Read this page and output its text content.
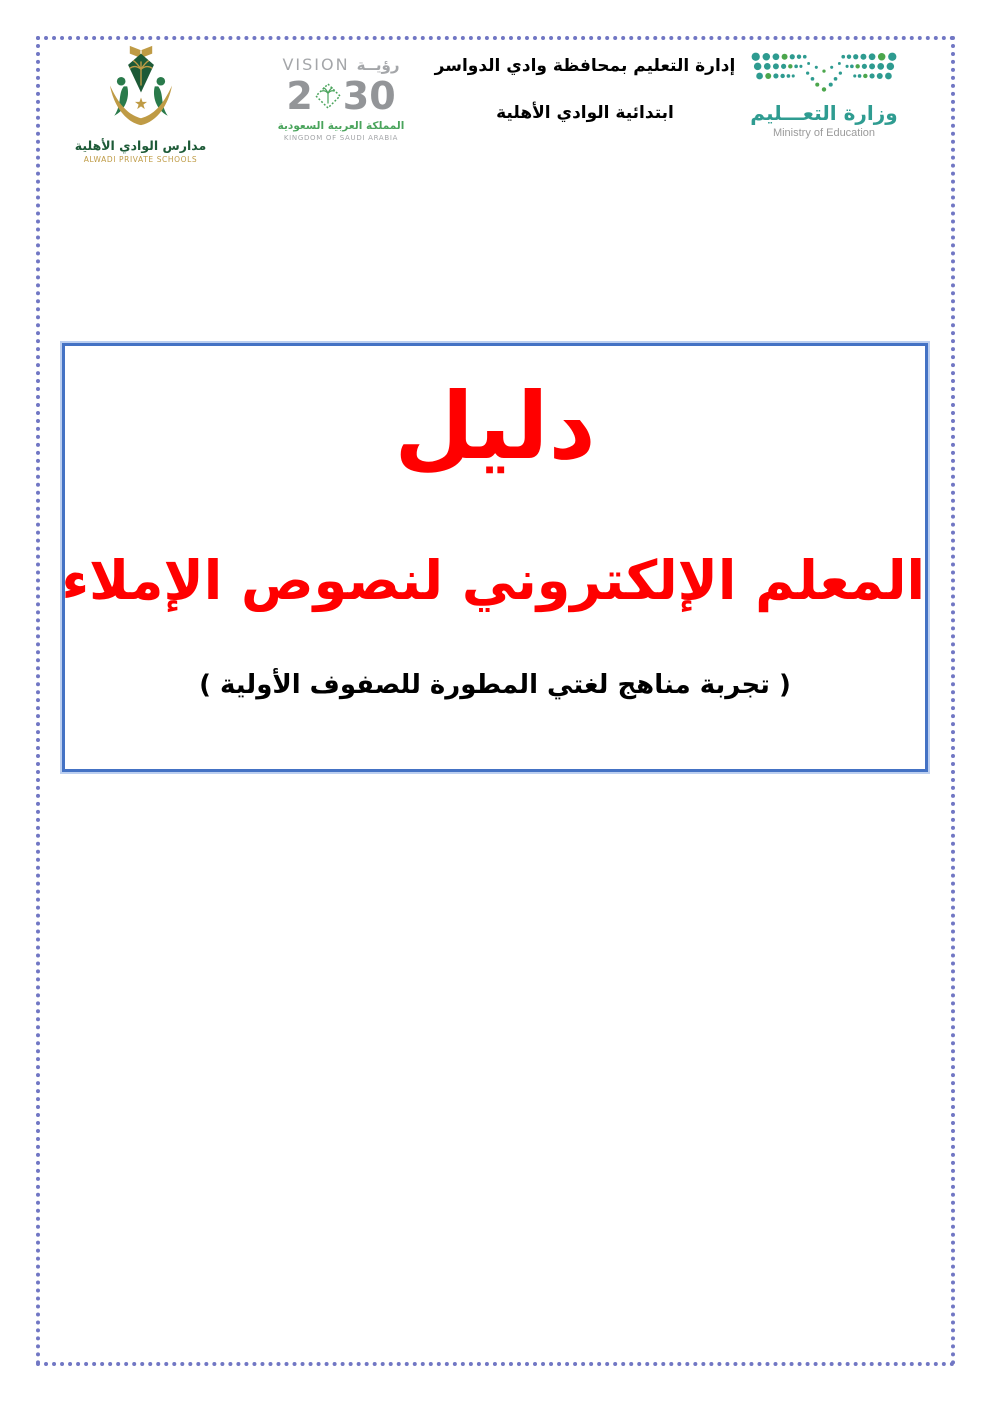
مدارس الوادي الأهلية
ALWADI PRIVATE SCHOOLS
VISION رؤيــة
2 30
المملكة العربية السعودية
KINGDOM OF SAUDI ARABIA
إدارة التعليم بمحافظة وادي الدواسر
ابتدائية الوادي الأهلية	وزارة التعـــليم
Ministry of Education
دليل
المعلم الإلكتروني لنصوص الإملاء
( تجربة مناهج لغتي المطورة للصفوف الأولية )
